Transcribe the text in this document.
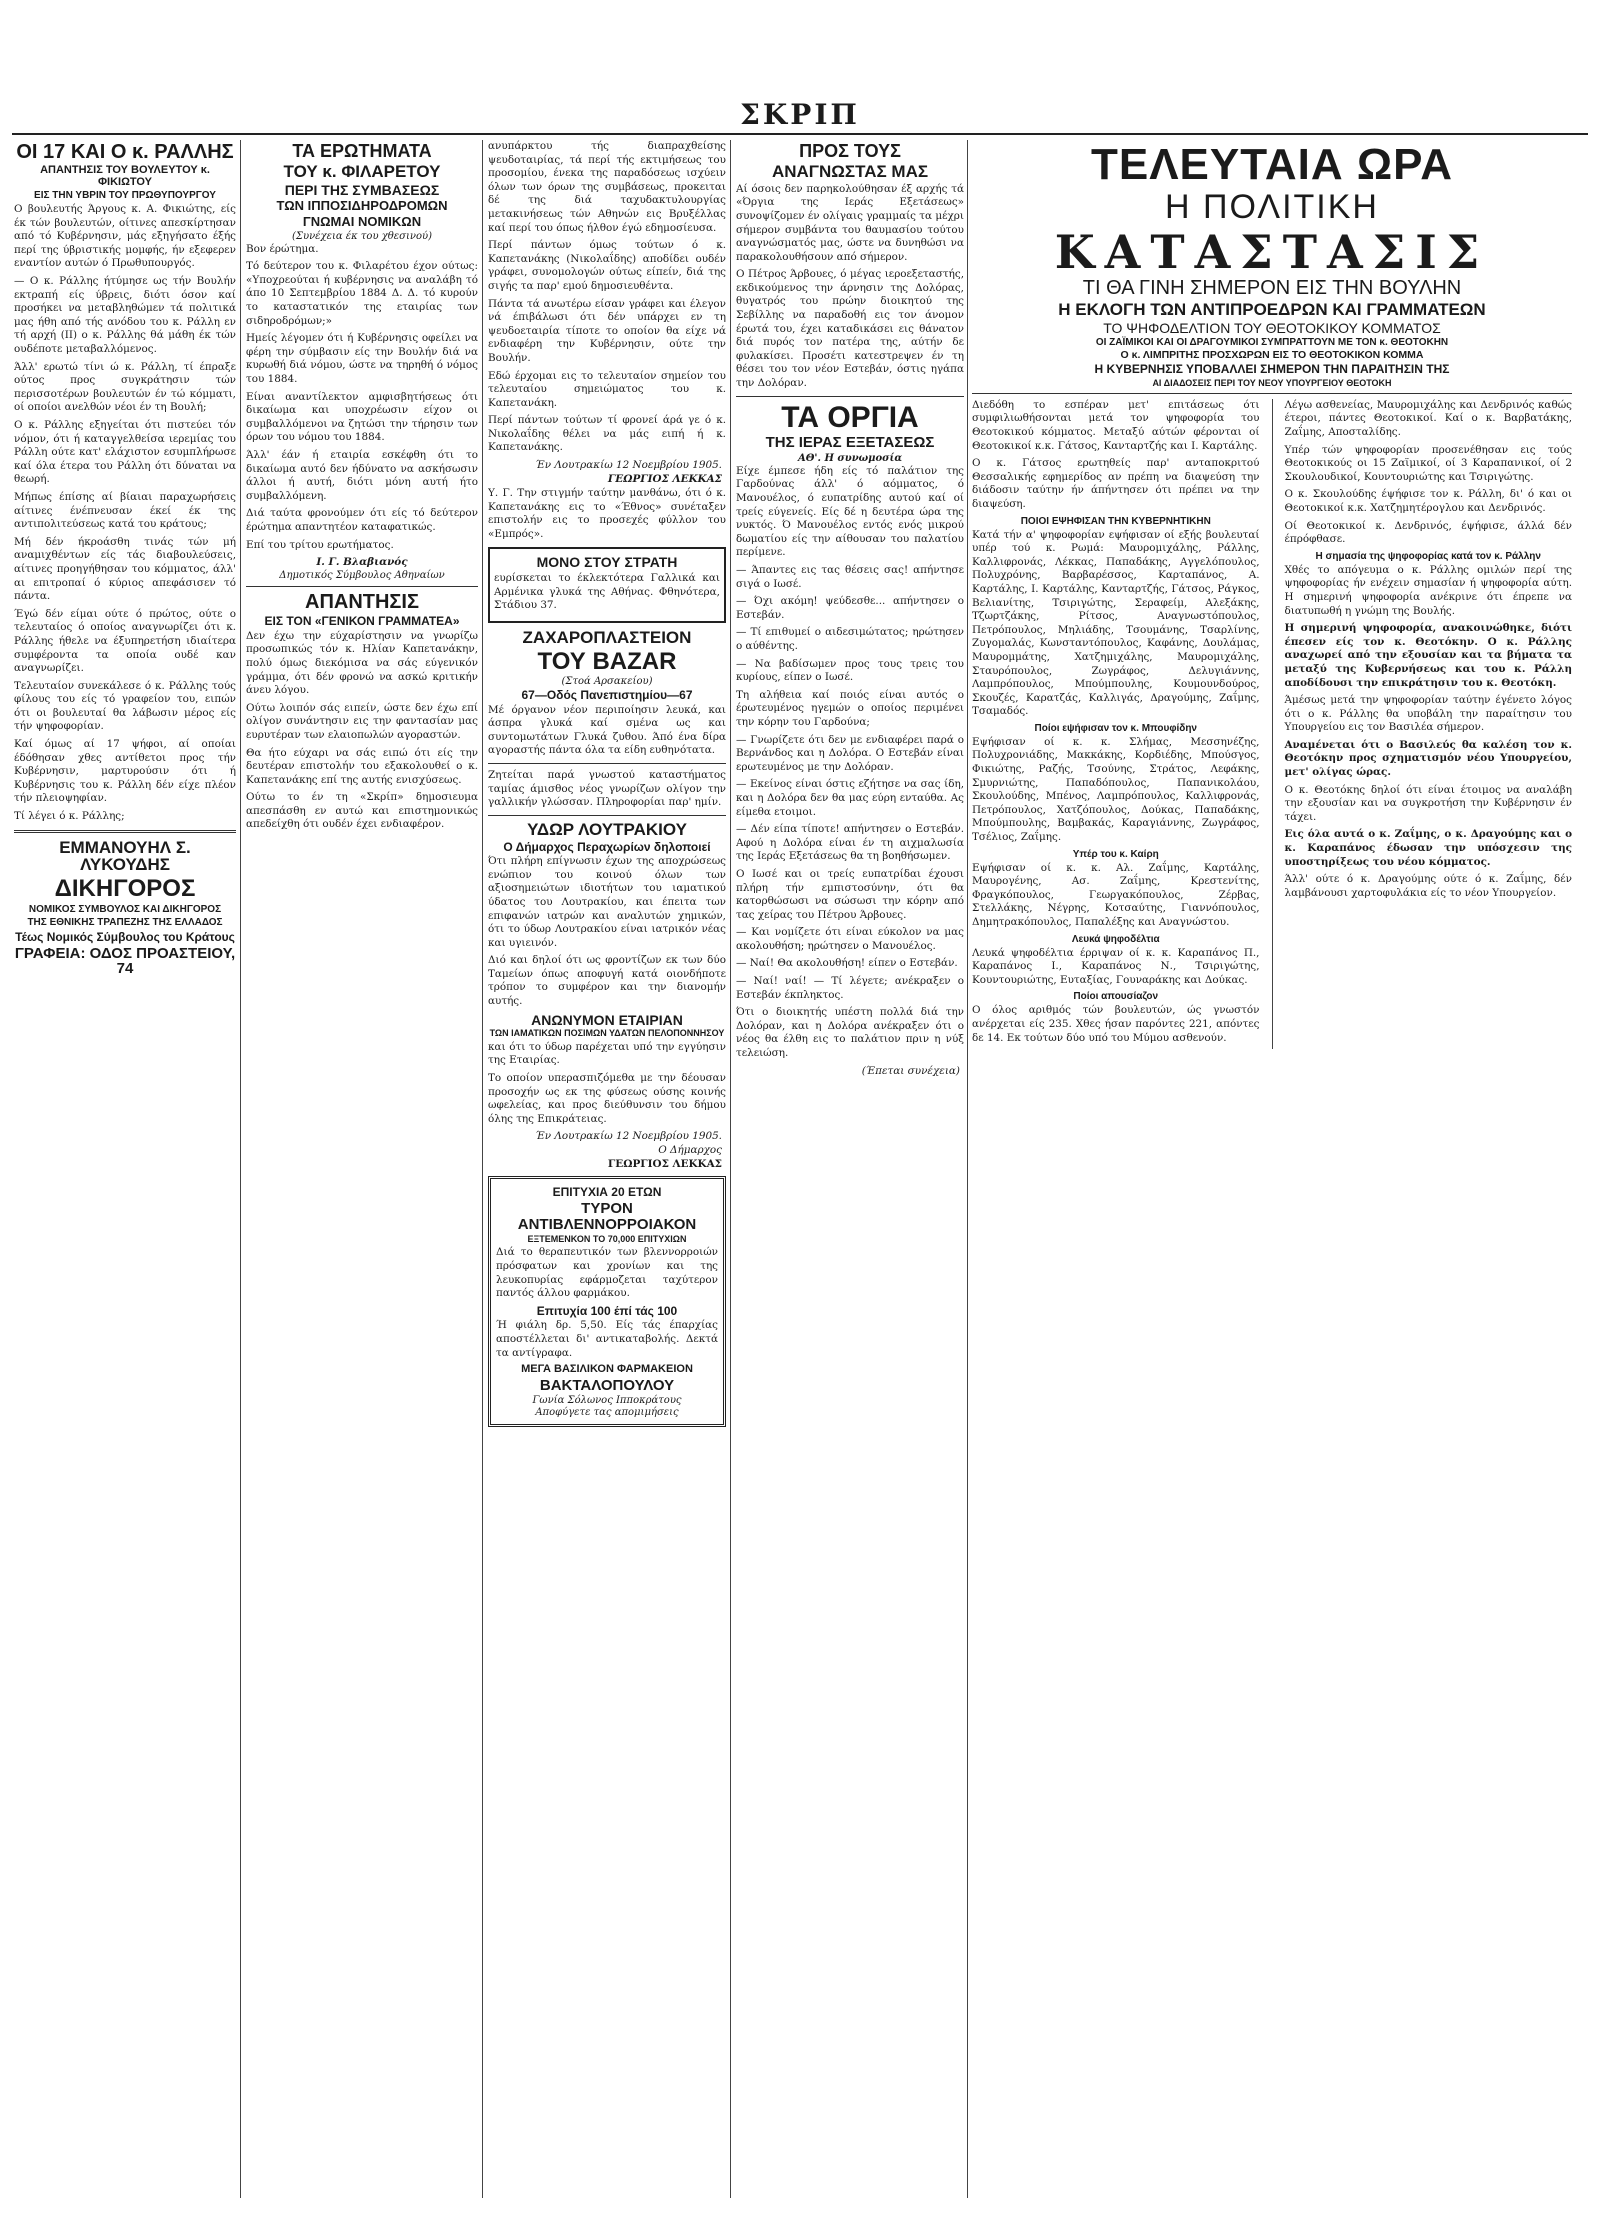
ΣΚΡΙΠ
ΟΙ 17 ΚΑΙ Ο κ. ΡΑΛΛΗΣ
ΑΠΑΝΤΗΣΙΣ ΤΟΥ ΒΟΥΛΕΥΤΟΥ κ. ΦΙΚΙΩΤΟΥ
ΕΙΣ ΤΗΝ ΥΒΡΙΝ ΤΟΥ ΠΡΩΘΥΠΟΥΡΓΟΥ

Ο βουλευτής Άργους κ. Α. Φικιώτης, είς έκ τών βουλευτών, οίτινες απεσκίρτησαν από τό Κυβέρνησιν, μάς εξηγήσατο έξής περί της ύβριστικής μομφής, ήν εξεφερεν εναντίον αυτών ό Πρωθυπουργός.

— Ο κ. Ράλλης ήτύμησε ως τήν Βουλήν εκτραπή είς ύβρεις, διότι όσον καί προσήκει να μεταβληθώμεν τά πολιτικά μας ήθη από τής ανόδου του κ. Ράλλη εν τή αρχή (ΙΙ) ο κ. Ράλλης θά μάθη έκ τών ουδέποτε μεταβαλλόμενος.

Άλλ' ερωτώ τίνι ώ κ. Ράλλη, τί έπραξε ούτος προς συγκράτησιν τών περισσοτέρων βουλευτών έν τώ κόμματι, οί οποίοι ανελθών νέοι έν τη Βουλή;

Ο κ. Ράλλης εξηγείται ότι πιστεύει τόν νόμον, ότι ή καταγγελθείσα ιερεμίας του Ράλλη ούτε κατ' ελάχιστον εσυμπλήρωσε καί όλα έτερα του Ράλλη ότι δύναται να θεωρή.

Μήπως έπίσης αί βίαιαι παραχωρήσεις αίτινες ένέπνευσαν έκεί έκ της αντιπολιτεύσεως κατά του κράτους;

Μή δέν ήκροάσθη τινάς τών μή αναμιχθέντων είς τάς διαβουλεύσεις, αίτινες προηγήθησαν του κόμματος, άλλ' αι επιτροπαί ό κύριος απεφάσισεν τό πάντα.

Έγώ δέν είμαι ούτε ό πρώτος, ούτε ο τελευταίος ό οποίος αναγνωρίζει ότι κ. Ράλλης ήθελε να έξυπηρετήση ιδιαίτερα συμφέροντα τα οποία ουδέ καν αναγνωρίζει.

Τελευταίον συνεκάλεσε ό κ. Ράλλης τούς φίλους του είς τό γραφείον του, ειπών ότι οι βουλευταί θα λάβωσιν μέρος είς τήν ψηφοφορίαν.

Καί όμως αί 17 ψήφοι, αί οποίαι έδόθησαν χθες αντίθετοι προς τήν Κυβέρνησιν, μαρτυρούσιν ότι ή Κυβέρνησις του κ. Ράλλη δέν είχε πλέον τήν πλειοψηφίαν.

Τί λέγει ό κ. Ράλλης;

ΕΜΜΑΝΟΥΗΛ Σ. ΛΥΚΟΥΔΗΣ
ΔΙΚΗΓΟΡΟΣ
ΝΟΜΙΚΟΣ ΣΥΜΒΟΥΛΟΣ ΚΑΙ ΔΙΚΗΓΟΡΟΣ
ΤΗΣ ΕΘΝΙΚΗΣ ΤΡΑΠΕΖΗΣ ΤΗΣ ΕΛΛΑΔΟΣ
Τέως Νομικός Σύμβουλος του Κράτους
ΓΡΑΦΕΙΑ: ΟΔΟΣ ΠΡΟΑΣΤΕΙΟΥ, 74
ΤΑ ΕΡΩΤΗΜΑΤΑ
ΤΟΥ κ. ΦΙΛΑΡΕΤΟΥ
ΠΕΡΙ ΤΗΣ ΣΥΜΒΑΣΕΩΣ
ΤΩΝ ΙΠΠΟΣΙΔΗΡΟΔΡΟΜΩΝ
ΓΝΩΜΑΙ ΝΟΜΙΚΩΝ
(Συνέχεια έκ του χθεσινού)

Βον έρώτημα.

Τό δεύτερον του κ. Φιλαρέτου έχον ούτως: «Υποχρεούται ή κυβέρνησις να αναλάβη τό άπο 10 Σεπτεμβρίου 1884 Δ. Δ. τό κυρούν το καταστατικόν της εταιρίας των σιδηροδρόμων;»

Ημείς λέγομεν ότι ή Κυβέρνησις οφείλει να φέρη την σύμβασιν είς την Βουλήν διά να κυρωθή διά νόμου, ώστε να τηρηθή ό νόμος του 1884.

Είναι αναντίλεκτον αμφισβητήσεως ότι δικαίωμα και υποχρέωσιν είχον οι συμβαλλόμενοι να ζητώσι την τήρησιν των όρων του νόμου του 1884.

Άλλ' έάν ή εταιρία εσκέφθη ότι το δικαίωμα αυτό δεν ήδύνατο να ασκήσωσιν άλλοι ή αυτή, διότι μόνη αυτή ήτο συμβαλλόμενη.

Διά ταύτα φρονούμεν ότι είς τό δεύτερον έρώτημα απαντητέον καταφατικώς.

Επί του τρίτου ερωτήματος.

Ι. Γ. Βλαβιανός
Δημοτικός Σύμβουλος Αθηναίων
ΑΠΑΝΤΗΣΙΣ
ΕΙΣ ΤΟΝ «ΓΕΝΙΚΟΝ ΓΡΑΜΜΑΤΕΑ»

Δεν έχω την εύχαρίστησιν να γνωρίζω προσωπικώς τόν κ. Ηλίαν Καπετανάκην, πολύ όμως διεκόμισα να σάς εύγενικόν γράμμα, ότι δέν φρονώ να ασκώ κριτικήν άνευ λόγου.

Ούτω λοιπόν σάς ειπείν, ώστε δεν έχω επί ολίγον συνάντησιν εις την φαντασίαν μας ευρυτέραν των ελαιοπωλών αγοραστών.

Θα ήτο εύχαρι να σάς ειπώ ότι είς την δευτέραν επιστολήν του εξακολουθεί ο κ. Καπετανάκης επί της αυτής ενισχύσεως.

Ούτω το έν τη «Σκρίπ» δημοσιευμα απεσπάσθη εν αυτώ και επιστημονικώς απεδείχθη ότι ουδέν έχει ενδιαφέρον.

ανυπάρκτου τής διαπραχθείσης ψευδοταιρίας, τά περί τής εκτιμήσεως του προσομίου, ένεκα της παραδόσεως ισχύειν όλων των όρων της συμβάσεως, προκειται δέ της διά ταχυδακτυλουργίας μετακινήσεως τών Αθηνών εις Βρυξέλλας καί περί του όπως ήλθον έγώ εδημοσίευσα.

Περί πάντων όμως τούτων ό κ. Καπετανάκης (Νικολαΐδης) αποδίδει ουδέν γράφει, συνομολογών ούτως είπείν, διά της σιγής τα παρ' εμού δημοσιευθέντα.

Πάντα τά ανωτέρω είσαν γράφει και έλεγον νά έπιβάλωσι ότι δέν υπάρχει εν τη ψευδοεταιρία τίποτε το οποίον θα είχε νά ενδιαφέρη την Κυβέρνησιν, ούτε την Βουλήν.

Εδώ έρχομαι εις το τελευταίον σημείον του τελευταίου σημειώματος του κ. Καπετανάκη.

Περί πάντων τούτων τί φρονεί άρά γε ό κ. Νικολαΐδης θέλει να μάς ειπή ή κ. Καπετανάκης.

Έν Λουτρακίω 12 Νοεμβρίου 1905.
ΓΕΩΡΓΙΟΣ ΛΕΚΚΑΣ

Υ. Γ. Την στιγμήν ταύτην μανθάνω, ότι ό κ. Καπετανάκης εις το «Έθνος» συνέταξεν επιστολήν εις το προσεχές φύλλον του «Εμπρός».

ΜΟΝΟ ΣΤΟΥ ΣΤΡΑΤΗ

ευρίσκεται το έκλεκτότερα Γαλλικά και Αρμένικα γλυκά της Αθήνας. Φθηνότερα, Στάδιου 37.

ΖΑΧΑΡΟΠΛΑΣΤΕΙΟΝ
ΤΟΥ BAZAR
(Στοά Αρσακείου)
67—Οδός Πανεπιστημίου—67

Μέ όργανον νέον περιποίησιν λευκά, και άσπρα γλυκά καί σμένα ως και συντομωτάτων Γλυκά ζυθου. Άπό ένα δίρα αγοραστής πάντα όλα τα είδη ευθηνότατα.

Ζητείται παρά γνωστού καταστήματος ταμίας άμισθος νέος γνωρίζων ολίγον την γαλλικήν γλώσσαν. Πληροφορίαι παρ' ημίν.

ΥΔΩΡ ΛΟΥΤΡΑΚΙΟΥ
Ο Δήμαρχος Περαχωρίων δηλοποιεί

Ότι πλήρη επίγνωσιν έχων της αποχρώσεως ενώπιον του κοινού όλων των αξιοσημειώτων ιδιοτήτων του ιαματικού ύδατος του Λουτρακίου, και έπειτα των επιφανών ιατρών και αναλυτών χημικών, ότι το ύδωρ Λουτρακίου είναι ιατρικόν νέας και υγιεινόν.

Διό και δηλοί ότι ως φροντίζων εκ των δύο Ταμείων όπως αποφυγή κατά οιονδήποτε τρόπον το συμφέρον και την διανομήν αυτής.

ΑΝΩΝΥΜΟΝ ΕΤΑΙΡΙΑΝ
ΤΩΝ ΙΑΜΑΤΙΚΩΝ ΠΟΣΙΜΩΝ ΥΔΑΤΩΝ ΠΕΛΟΠΟΝΝΗΣΟΥ

και ότι το ύδωρ παρέχεται υπό την εγγύησιν της Εταιρίας.

Το οποίον υπερασπιζόμεθα με την δέουσαν προσοχήν ως εκ της φύσεως ούσης κοινής ωφελείας, και προς διεύθυνσιν του δήμου όλης της Επικράτειας.

Έν Λουτρακίω 12 Νοεμβρίου 1905.
Ο Δήμαρχος
ΓΕΩΡΓΙΟΣ ΛΕΚΚΑΣ
ΕΠΙΤΥΧΙΑ 20 ΕΤΩΝ
ΤΥΡΟΝ ΑΝΤΙΒΛΕΝΝΟΡΡΟΙΑΚΟΝ
ΕΞΤΕΜΕΝΚΟΝ ΤΟ 70,000 ΕΠΙΤΥΧΙΩΝ

Διά το θεραπευτικόν των βλεννορροιών πρόσφατων και χρονίων και της λευκοπυρίας εφάρμοζεται ταχύτερον παντός άλλου φαρμάκου.

Επιτυχία 100 έπί τάς 100

Ή φιάλη δρ. 5,50. Είς τάς έπαρχίας αποστέλλεται δι' αντικαταβολής. Δεκτά τα αντίγραφα.

ΜΕΓΑ ΒΑΣΙΛΙΚΟΝ ΦΑΡΜΑΚΕΙΟΝ
ΒΑΚΤΑΛΟΠΟΥΛΟΥ
Γωνία Σόλωνος Ιπποκράτους
Αποφύγετε τας απομιμήσεις
ΠΡΟΣ ΤΟΥΣ
ΑΝΑΓΝΩΣΤΑΣ ΜΑΣ

Αί όσοις δεν παρηκολούθησαν έξ αρχής τά «Όργια της Ιεράς Εξετάσεως» συνοψίζομεν έν ολίγαις γραμμαίς τα μέχρι σήμερον συμβάντα του θαυμασίου τούτου αναγνώσματός μας, ώστε να δυνηθώσι να παρακολουθήσουν από σήμερον.

Ο Πέτρος Άρβουες, ό μέγας ιεροεξεταστής, εκδικούμενος την άρνησιν της Δολόρας, θυγατρός του πρώην διοικητού της Σεβίλλης να παραδοθή εις τον άνομον έρωτά του, έχει καταδικάσει εις θάνατον διά πυρός τον πατέρα της, αύτήν δε φυλακίσει. Προσέτι κατεστρεψεν έν τη θέσει του τον νέον Εστεβάν, όστις ηγάπα την Δολόραν.

ΤΑ ΟΡΓΙΑ
ΤΗΣ ΙΕΡΑΣ ΕΞΕΤΑΣΕΩΣ
ΑΘ'. Η συνωμοσία

Είχε έμπεσε ήδη είς τό παλάτιον της Γαρδούνας άλλ' ό αόμματος, ό Μανουέλος, ό ευπατρίδης αυτού καί οί τρείς εύγενείς. Είς δέ η δευτέρα ώρα της νυκτός. Ό Μανουέλος εντός ενός μικρού δωματίου είς την αίθουσαν του παλατίου περίμενε.

— Άπαντες εις τας θέσεις σας! απήντησε σιγά ο Ιωσέ.

— Όχι ακόμη! ψεύδεσθε... απήντησεν ο Εστεβάν.

— Τί επιθυμεί ο αιδεσιμώτατος; ηρώτησεν ο αύθέντης.

— Να βαδίσωμεν προς τους τρεις του κυρίους, είπεν ο Ιωσέ.

Τη αλήθεια καί ποιός είναι αυτός ο έρωτευμένος ηγεμών ο οποίος περιμένει την κόρην του Γαρδούνα;

— Γνωρίζετε ότι δεν με ενδιαφέρει παρά ο Βερνάνδος και η Δολόρα. Ο Εστεβάν είναι ερωτευμένος με την Δολόραν.

— Εκείνος είναι όστις εζήτησε να σας ίδη, και η Δολόρα δεν θα μας εύρη ενταύθα. Ας είμεθα ετοιμοι.

— Δέν είπα τίποτε! απήντησεν ο Εστεβάν. Αφού η Δολόρα είναι έν τη αιχμαλωσία της Ιεράς Εξετάσεως θα τη βοηθήσωμεν.

Ο Ιωσέ και οι τρείς ευπατρίδαι έχουσι πλήρη τήν εμπιστοσύνην, ότι θα κατορθώσωσι να σώσωσι την κόρην από τας χείρας του Πέτρου Άρβουες.

— Και νομίζετε ότι είναι εύκολον να μας ακολουθήση; ηρώτησεν ο Μανουέλος.

— Ναί! Θα ακολουθήση! είπεν ο Εστεβάν.

— Ναί! ναί! — Τί λέγετε; ανέκραξεν ο Εστεβάν έκπληκτος.

Ότι ο διοικητής υπέστη πολλά διά την Δολόραν, και η Δολόρα ανέκραξεν ότι ο νέος θα έλθη εις το παλάτιον πριν η νύξ τελειώση.

(Έπεται συνέχεια)
ΤΕΛΕΥΤΑΙΑ ΩΡΑ
Η ΠΟΛΙΤΙΚΗ
ΚΑΤΑΣΤΑΣΙΣ
ΤΙ ΘΑ ΓΙΝΗ ΣΗΜΕΡΟΝ ΕΙΣ ΤΗΝ ΒΟΥΛΗΝ
Η ΕΚΛΟΓΗ ΤΩΝ ΑΝΤΙΠΡΟΕΔΡΩΝ ΚΑΙ ΓΡΑΜΜΑΤΕΩΝ
ΤΟ ΨΗΦΟΔΕΛΤΙΟΝ ΤΟΥ ΘΕΟΤΟΚΙΚΟΥ ΚΟΜΜΑΤΟΣ
ΟΙ ΖΑΪΜΙΚΟΙ ΚΑΙ ΟΙ ΔΡΑΓΟΥΜΙΚΟΙ ΣΥΜΠΡΑΤΤΟΥΝ ΜΕ ΤΟΝ κ. ΘΕΟΤΟΚΗΝ
Ο κ. ΛΙΜΠΡΙΤΗΣ ΠΡΟΣΧΩΡΩΝ ΕΙΣ ΤΟ ΘΕΟΤΟΚΙΚΟΝ ΚΟΜΜΑ
Η ΚΥΒΕΡΝΗΣΙΣ ΥΠΟΒΑΛΛΕΙ ΣΗΜΕΡΟΝ ΤΗΝ ΠΑΡΑΙΤΗΣΙΝ ΤΗΣ
ΑΙ ΔΙΑΔΟΣΕΙΣ ΠΕΡΙ ΤΟΥ ΝΕΟΥ ΥΠΟΥΡΓΕΙΟΥ ΘΕΟΤΟΚΗ

Διεδόθη το εσπέραν μετ' επιτάσεως ότι συμφιλιωθήσονται μετά τον ψηφοφορία του Θεοτοκικού κόμματος. Μεταξύ αύτών φέρονται οί Θεοτοκικοί κ.κ. Γάτσος, Κανταρτζής και Ι. Καρτάλης.

Ο κ. Γάτσος ερωτηθείς παρ' ανταποκριτού Θεσσαλικής εφημερίδος αν πρέπη να διαψεύση την διάδοσιν ταύτην ήν άπήντησεν ότι πρέπει να την διαψεύση.

ΠΟΙΟΙ ΕΨΗΦΙΣΑΝ ΤΗΝ ΚΥΒΕΡΝΗΤΙΚΗΝ

Κατά τήν α' ψηφοφορίαν εψήφισαν οί εξής βουλευταί υπέρ τού κ. Ρωμά: Μαυρομιχάλης, Ράλλης, Καλλιφρονάς, Λέκκας, Παπαδάκης, Αγγελόπουλος, Πολυχρόνης, Βαρβαρέσσος, Καρταπάνος, Α. Καρτάλης, Ι. Καρτάλης, Κανταρτζής, Γάτσος, Ράγκος, Βελιανίτης, Τσιριγώτης, Σεραφείμ, Αλεξάκης, Τζωρτζάκης, Ρίτσος, Αναγνωστόπουλος, Πετρόπουλος, Μηλιάδης, Τσουμάνης, Τσαρλίνης, Ζυγομαλάς, Κωνσταντόπουλος, Καφάνης, Δουλάμας, Μαυρομμάτης, Χατζημιχάλης, Μαυρομιχάλης, Σταυρόπουλος, Ζωγράφος, Δελυγιάννης, Λαμπρόπουλος, Μπούμπουλης, Κουμουνδούρος, Σκουζές, Καρατζάς, Καλλιγάς, Δραγούμης, Ζαΐμης, Τσαμαδός.

Ποίοι εψήφισαν τον κ. Μπουφίδην

Εψήφισαν οί κ. κ. Σλήμας, Μεσσηνέζης, Πολυχρονιάδης, Μακκάκης, Κορδιέδης, Μπούσγος, Φικιώτης, Ραζής, Τσούνης, Στράτος, Λεφάκης, Σμυρνιώτης, Παπαδόπουλος, Παπανικολάου, Σκουλούδης, Μπένος, Λαμπρόπουλος, Καλλιφρονάς, Πετρόπουλος, Χατζόπουλος, Δούκας, Παπαδάκης, Μπούμπουλης, Βαμβακάς, Καραγιάννης, Ζωγράφος, Τσέλιος, Ζαΐμης.

Υπέρ του κ. Καίρη

Εψήφισαν οί κ. κ. Αλ. Ζαΐμης, Καρτάλης, Μαυρογένης, Ασ. Ζαΐμης, Κρεστενίτης, Φραγκόπουλος, Γεωργακόπουλος, Ζέρβας, Στελλάκης, Νέγρης, Κοτσαύτης, Γιαννόπουλος, Δημητρακόπουλος, Παπαλέξης και Αναγνώστου.

Λευκά ψηφοδέλτια

Λευκά ψηφοδέλτια έρριψαν οί κ. κ. Καραπάνος Π., Καραπάνος Ι., Καραπάνος Ν., Τσιριγώτης, Κουντουριώτης, Ευταξίας, Γουναράκης και Δούκας.

Ποίοι απουσίαζον

Ο όλος αριθμός τών βουλευτών, ώς γνωστόν ανέρχεται είς 235. Χθες ήσαν παρόντες 221, απόντες δε 14. Εκ τούτων δύο υπό του Μύμου ασθενούν.

Λέγω ασθενείας, Μαυρομιχάλης και Δενδρινός καθώς έτεροι, πάντες Θεοτοκικοί. Καί ο κ. Βαρβατάκης, Ζαΐμης, Αποσταλίδης.

Υπέρ τών ψηφοφορίαν προσενέθησαν εις τούς Θεοτοκικούς οι 15 Ζαϊμικοί, οί 3 Καραπανικοί, οί 2 Σκουλουδικοί, Κουντουριώτης και Τσιριγώτης.

Ο κ. Σκουλούδης έψήφισε τον κ. Ράλλη, δι' ό και οι Θεοτοκικοί κ.κ. Χατζημητέρογλου και Δενδρινός.

Οί Θεοτοκικοί κ. Δενδρινός, έψήφισε, άλλά δέν έπρόφθασε.

Η σημασία της ψηφοφορίας κατά τον κ. Ράλλην

Χθές το απόγευμα ο κ. Ράλλης ομιλών περί της ψηφοφορίας ήν ενέχειν σημασίαν ή ψηφοφορία αύτη. Η σημερινή ψηφοφορία ανέκρινε ότι έπρεπε να διατυπωθή η γνώμη της Βουλής.

Η σημερινή ψηφοφορία, ανακοινώθηκε, διότι έπεσεν είς τον κ. Θεοτόκην. Ο κ. Ράλλης αναχωρεί από την εξουσίαν και τα βήματα τα μεταξύ της Κυβερνήσεως και του κ. Ράλλη αποδίδουσι την επικράτησιν του κ. Θεοτόκη.

Άμέσως μετά την ψηφοφορίαν ταύτην έγένετο λόγος ότι ο κ. Ράλλης θα υποβάλη την παραίτησιν του Υπουργείου εις τον Βασιλέα σήμερον.

Αναμένεται ότι ο Βασιλεύς θα καλέση τον κ. Θεοτόκην προς σχηματισμόν νέου Υπουργείου, μετ' ολίγας ώρας.

Ο κ. Θεοτόκης δηλοί ότι είναι έτοιμος να αναλάβη την εξουσίαν και να συγκροτήση την Κυβέρνησιν έν τάχει.

Εις όλα αυτά ο κ. Ζαΐμης, ο κ. Δραγούμης και ο κ. Καραπάνος έδωσαν την υπόσχεσιν της υποστηρίξεως του νέου κόμματος.

Άλλ' ούτε ό κ. Δραγούμης ούτε ό κ. Ζαΐμης, δέν λαμβάνουσι χαρτοφυλάκια είς το νέον Υπουργείον.
